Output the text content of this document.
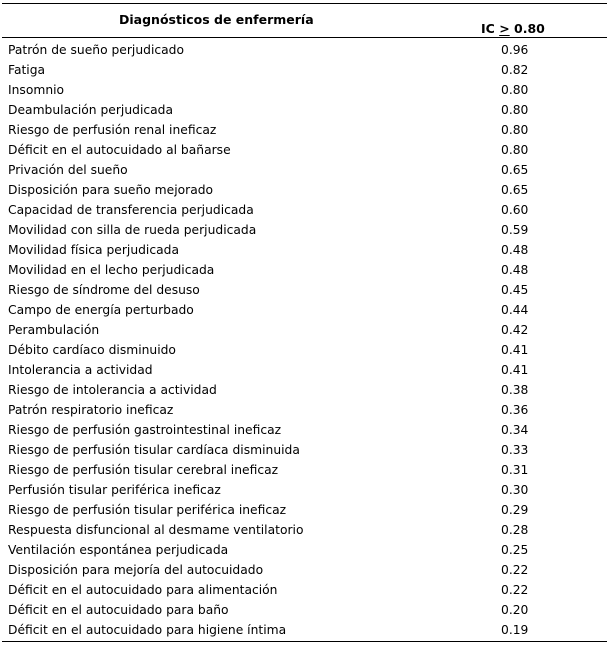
Diagnósticos de enfermería
IC > 0.80
Patrón de sueño perjudicado	0.96
Fatiga	0.82
Insomnio	0.80
Deambulación perjudicada	0.80
Riesgo de perfusión renal ineficaz	0.80
Déficit en el autocuidado al bañarse	0.80
Privación del sueño	0.65
Disposición para sueño mejorado	0.65
Capacidad de transferencia perjudicada	0.60
Movilidad con silla de rueda perjudicada	0.59
Movilidad física perjudicada	0.48
Movilidad en el lecho perjudicada	0.48
Riesgo de síndrome del desuso	0.45
Campo de energía perturbado	0.44
Perambulación	0.42
Débito cardíaco disminuido	0.41
Intolerancia a actividad	0.41
Riesgo de intolerancia a actividad	0.38
Patrón respiratorio ineficaz	0.36
Riesgo de perfusión gastrointestinal ineficaz	0.34
Riesgo de perfusión tisular cardíaca disminuida	0.33
Riesgo de perfusión tisular cerebral ineficaz	0.31
Perfusión tisular periférica ineficaz	0.30
Riesgo de perfusión tisular periférica ineficaz	0.29
Respuesta disfuncional al desmame ventilatorio	0.28
Ventilación espontánea perjudicada	0.25
Disposición para mejoría del autocuidado	0.22
Déficit en el autocuidado para alimentación	0.22
Déficit en el autocuidado para baño	0.20
Déficit en el autocuidado para higiene íntima	0.19
